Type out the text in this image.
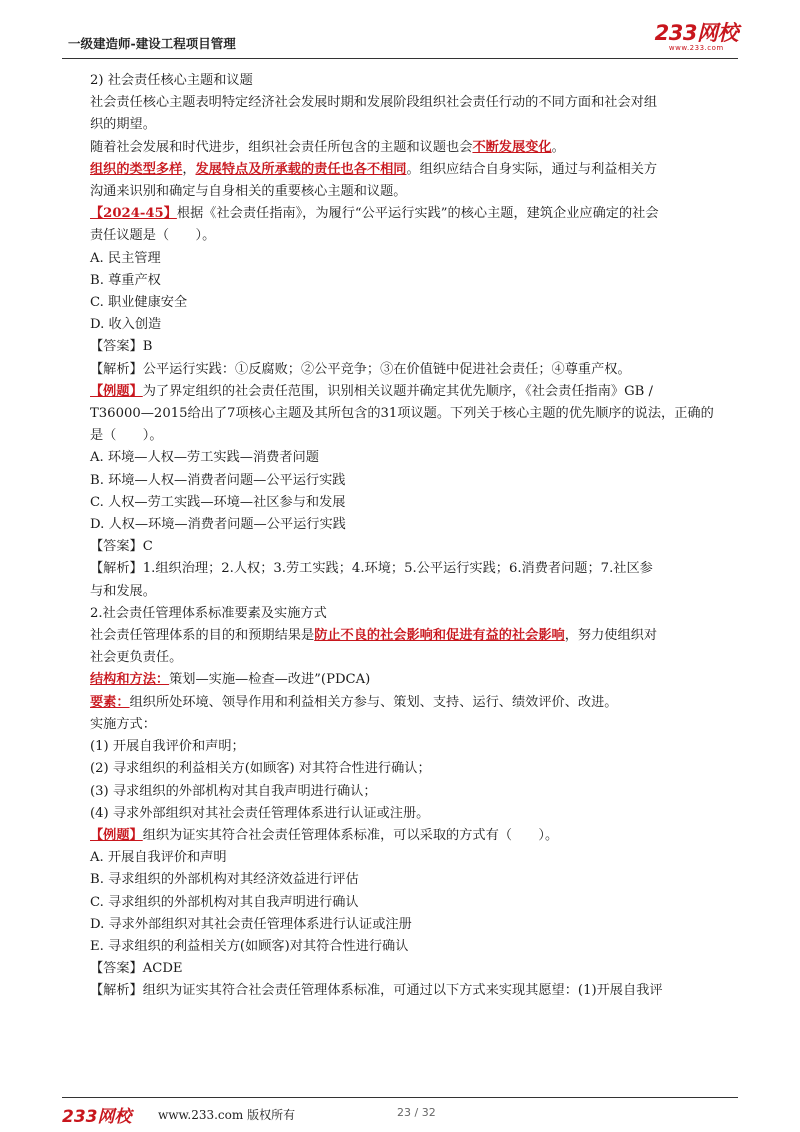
一级建造师-建设工程项目管理	233网校
www.233.com

2) 社会责任核心主题和议题

社会责任核心主题表明特定经济社会发展时期和发展阶段组织社会责任行动的不同方面和社会对组

织的期望。

随着社会发展和时代进步，组织社会责任所包含的主题和议题也会不断发展变化。

组织的类型多样，发展特点及所承载的责任也各不相同。组织应结合自身实际，通过与利益相关方

沟通来识别和确定与自身相关的重要核心主题和议题。

【2024-45】根据《社会责任指南》，为履行“公平运行实践”的核心主题，建筑企业应确定的社会

责任议题是（　　）。

A. 民主管理

B. 尊重产权

C. 职业健康安全

D. 收入创造

【答案】B

【解析】公平运行实践：①反腐败；②公平竞争；③在价值链中促进社会责任；④尊重产权。

【例题】为了界定组织的社会责任范围，识别相关议题并确定其优先顺序，《社会责任指南》GB /

T36000—2015给出了7项核心主题及其所包含的31项议题。下列关于核心主题的优先顺序的说法，正确的

是（　　）。

A. 环境—人权—劳工实践—消费者问题

B. 环境—人权—消费者问题—公平运行实践

C. 人权—劳工实践—环境—社区参与和发展

D. 人权—环境—消费者问题—公平运行实践

【答案】C

【解析】1.组织治理；2.人权；3.劳工实践；4.环境；5.公平运行实践；6.消费者问题；7.社区参

与和发展。

2.社会责任管理体系标准要素及实施方式

社会责任管理体系的目的和预期结果是防止不良的社会影响和促进有益的社会影响，努力使组织对

社会更负责任。

结构和方法：策划—实施—检查—改进”(PDCA)

要素：组织所处环境、领导作用和利益相关方参与、策划、支持、运行、绩效评价、改进。

实施方式：

(1) 开展自我评价和声明；

(2) 寻求组织的利益相关方(如顾客) 对其符合性进行确认；

(3) 寻求组织的外部机构对其自我声明进行确认；

(4) 寻求外部组织对其社会责任管理体系进行认证或注册。

【例题】组织为证实其符合社会责任管理体系标准，可以采取的方式有（　　）。

A. 开展自我评价和声明

B. 寻求组织的外部机构对其经济效益进行评估

C. 寻求组织的外部机构对其自我声明进行确认

D. 寻求外部组织对其社会责任管理体系进行认证或注册

E. 寻求组织的利益相关方(如顾客)对其符合性进行确认

【答案】ACDE

【解析】组织为证实其符合社会责任管理体系标准，可通过以下方式来实现其愿望：(1)开展自我评

233网校 www.233.com 版权所有	23 / 32
